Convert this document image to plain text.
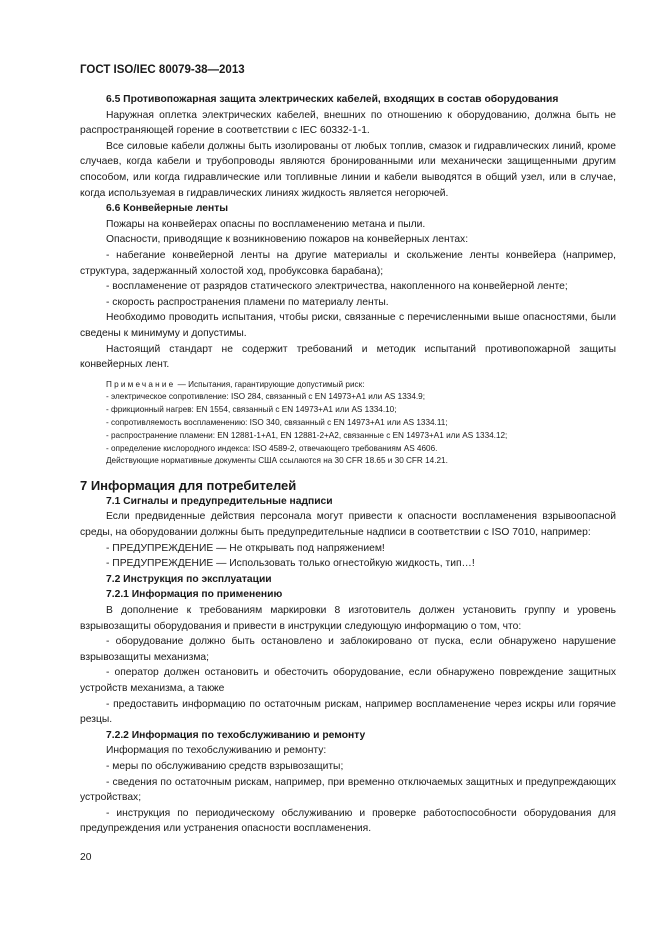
ГОСТ ISO/IEC 80079-38—2013

6.5 Противопожарная защита электрических кабелей, входящих в состав оборудования

Наружная оплетка электрических кабелей, внешних по отношению к оборудованию, должна быть не распространяющей горение в соответствии с IEC 60332-1-1.

Все силовые кабели должны быть изолированы от любых топлив, смазок и гидравлических линий, кроме случаев, когда кабели и трубопроводы являются бронированными или механически защищенными другим способом, или когда гидравлические или топливные линии и кабели выводятся в общий узел, или в случае, когда используемая в гидравлических линиях жидкость является негорючей.

6.6 Конвейерные ленты

Пожары на конвейерах опасны по воспламенению метана и пыли.

Опасности, приводящие к возникновению пожаров на конвейерных лентах:

- набегание конвейерной ленты на другие материалы и скольжение ленты конвейера (например, структура, задержанный холостой ход, пробуксовка барабана);

- воспламенение от разрядов статического электричества, накопленного на конвейерной ленте;

- скорость распространения пламени по материалу ленты.

Необходимо проводить испытания, чтобы риски, связанные с перечисленными выше опасностями, были сведены к минимуму и допустимы.

Настоящий стандарт не содержит требований и методик испытаний противопожарной защиты конвейерных лент.

Примечание — Испытания, гарантирующие допустимый риск:

- электрическое сопротивление: ISO 284, связанный с EN 14973+A1 или AS 1334.9;

- фрикционный нагрев: EN 1554, связанный с EN 14973+A1 или AS 1334.10;

- сопротивляемость воспламенению: ISO 340, связанный с EN 14973+A1 или AS 1334.11;

- распространение пламени: EN 12881-1+A1, EN 12881-2+A2, связанные с EN 14973+A1 или AS 1334.12;

- определение кислородного индекса: ISO 4589-2, отвечающего требованиям AS 4606.

Действующие нормативные документы США ссылаются на 30 CFR 18.65 и 30 CFR 14.21.

7 Информация для потребителей

7.1 Сигналы и предупредительные надписи

Если предвиденные действия персонала могут привести к опасности воспламенения взрывоопасной среды, на оборудовании должны быть предупредительные надписи в соответствии с ISO 7010, например:

- ПРЕДУПРЕЖДЕНИЕ — Не открывать под напряжением!

- ПРЕДУПРЕЖДЕНИЕ — Использовать только огнестойкую жидкость, тип…!

7.2 Инструкция по эксплуатации

7.2.1 Информация по применению

В дополнение к требованиям маркировки 8 изготовитель должен установить группу и уровень взрывозащиты оборудования и привести в инструкции следующую информацию о том, что:

- оборудование должно быть остановлено и заблокировано от пуска, если обнаружено нарушение взрывозащиты механизма;

- оператор должен остановить и обесточить оборудование, если обнаружено повреждение защитных устройств механизма, а также

- предоставить информацию по остаточным рискам, например воспламенение через искры или горячие резцы.

7.2.2 Информация по техобслуживанию и ремонту

Информация по техобслуживанию и ремонту:

- меры по обслуживанию средств взрывозащиты;

- сведения по остаточным рискам, например, при временно отключаемых защитных и предупреждающих устройствах;

- инструкция по периодическому обслуживанию и проверке работоспособности оборудования для предупреждения или устранения опасности воспламенения.

20
